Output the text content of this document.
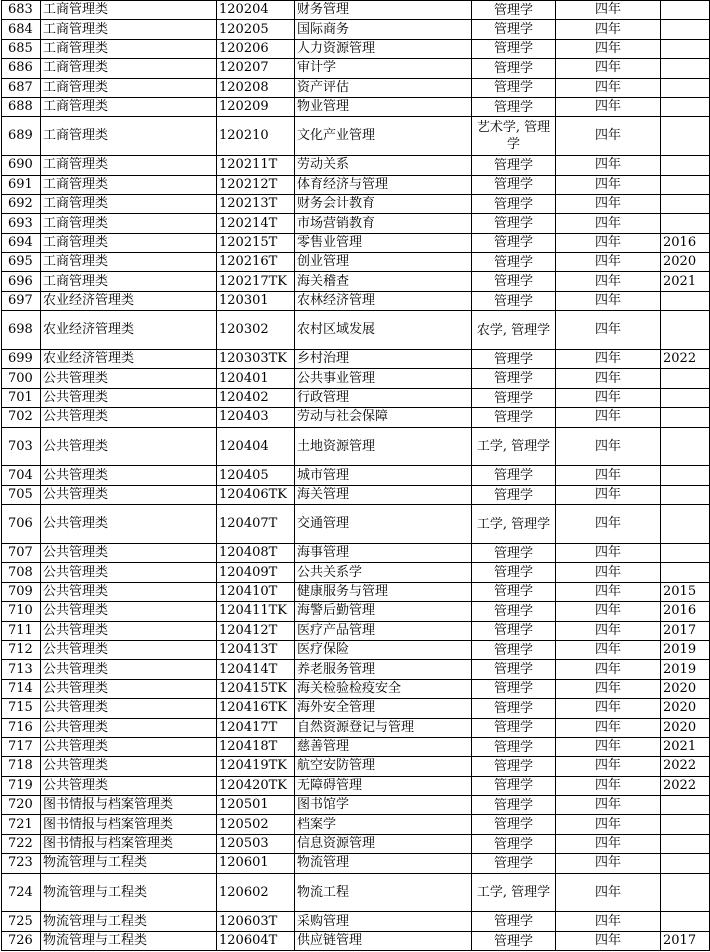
683	工商管理类	120204	财务管理	管理学	四年	
684	工商管理类	120205	国际商务	管理学	四年	
685	工商管理类	120206	人力资源管理	管理学	四年	
686	工商管理类	120207	审计学	管理学	四年	
687	工商管理类	120208	资产评估	管理学	四年	
688	工商管理类	120209	物业管理	管理学	四年	
689	工商管理类	120210	文化产业管理	艺术学, 管理学	四年	
690	工商管理类	120211T	劳动关系	管理学	四年	
691	工商管理类	120212T	体育经济与管理	管理学	四年	
692	工商管理类	120213T	财务会计教育	管理学	四年	
693	工商管理类	120214T	市场营销教育	管理学	四年	
694	工商管理类	120215T	零售业管理	管理学	四年	2016
695	工商管理类	120216T	创业管理	管理学	四年	2020
696	工商管理类	120217TK	海关稽查	管理学	四年	2021
697	农业经济管理类	120301	农林经济管理	管理学	四年	
698	农业经济管理类	120302	农村区域发展	农学, 管理学	四年	
699	农业经济管理类	120303TK	乡村治理	管理学	四年	2022
700	公共管理类	120401	公共事业管理	管理学	四年	
701	公共管理类	120402	行政管理	管理学	四年	
702	公共管理类	120403	劳动与社会保障	管理学	四年	
703	公共管理类	120404	土地资源管理	工学, 管理学	四年	
704	公共管理类	120405	城市管理	管理学	四年	
705	公共管理类	120406TK	海关管理	管理学	四年	
706	公共管理类	120407T	交通管理	工学, 管理学	四年	
707	公共管理类	120408T	海事管理	管理学	四年	
708	公共管理类	120409T	公共关系学	管理学	四年	
709	公共管理类	120410T	健康服务与管理	管理学	四年	2015
710	公共管理类	120411TK	海警后勤管理	管理学	四年	2016
711	公共管理类	120412T	医疗产品管理	管理学	四年	2017
712	公共管理类	120413T	医疗保险	管理学	四年	2019
713	公共管理类	120414T	养老服务管理	管理学	四年	2019
714	公共管理类	120415TK	海关检验检疫安全	管理学	四年	2020
715	公共管理类	120416TK	海外安全管理	管理学	四年	2020
716	公共管理类	120417T	自然资源登记与管理	管理学	四年	2020
717	公共管理类	120418T	慈善管理	管理学	四年	2021
718	公共管理类	120419TK	航空安防管理	管理学	四年	2022
719	公共管理类	120420TK	无障碍管理	管理学	四年	2022
720	图书情报与档案管理类	120501	图书馆学	管理学	四年	
721	图书情报与档案管理类	120502	档案学	管理学	四年	
722	图书情报与档案管理类	120503	信息资源管理	管理学	四年	
723	物流管理与工程类	120601	物流管理	管理学	四年	
724	物流管理与工程类	120602	物流工程	工学, 管理学	四年	
725	物流管理与工程类	120603T	采购管理	管理学	四年	
726	物流管理与工程类	120604T	供应链管理	管理学	四年	2017
